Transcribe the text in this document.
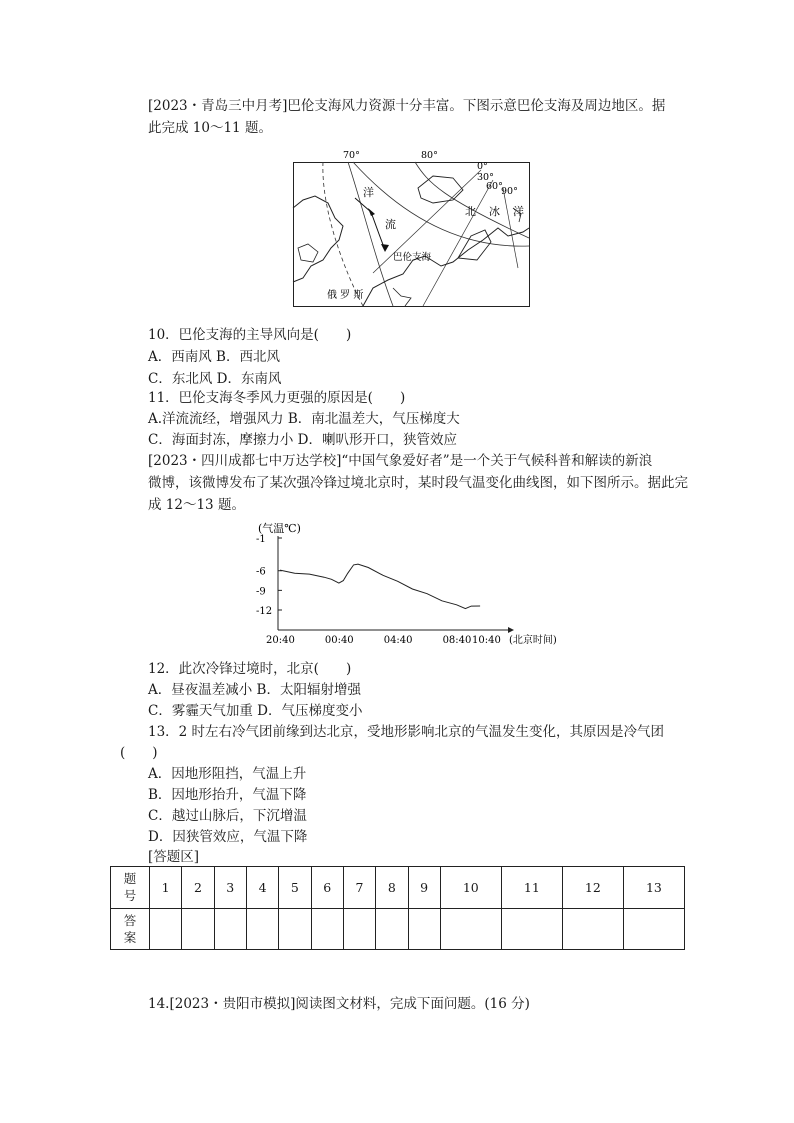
[2023・青岛三中月考]巴伦支海风力资源十分丰富。下图示意巴伦支海及周边地区。据
此完成 10～11 题。
70°	80°
0°
30°
60°
90°
洋
流
北 冰 洋
巴伦支海
俄 罗 斯
10．巴伦支海的主导风向是(　　)
A．西南风 B．西北风
C．东北风 D．东南风
11．巴伦支海冬季风力更强的原因是(　　)
A.洋流流经，增强风力 B．南北温差大，气压梯度大
C．海面封冻，摩擦力小 D．喇叭形开口，狭管效应
[2023・四川成都七中万达学校]“中国气象爱好者”是一个关于气候科普和解读的新浪
微博，该微博发布了某次强冷锋过境北京时，某时段气温变化曲线图，如下图所示。据此完
成 12～13 题。
(气温℃)
(北京时间)
-1
-6
-9
-12
20:40	00:40	04:40	08:40 10:40
12．此次冷锋过境时，北京(　　)
A．昼夜温差减小 B．太阳辐射增强
C．雾霾天气加重 D．气压梯度变小
13．2 时左右冷气团前缘到达北京，受地形影响北京的气温发生变化，其原因是冷气团
(　　)
A．因地形阻挡，气温上升
B．因地形抬升，气温下降
C．越过山脉后，下沉增温
D．因狭管效应，气温下降
[答题区]
题
号	1	2	3	4	5	6	7	8	9	10	11	12	13
答
案													
14.[2023・贵阳市模拟]阅读图文材料，完成下面问题。(16 分)
